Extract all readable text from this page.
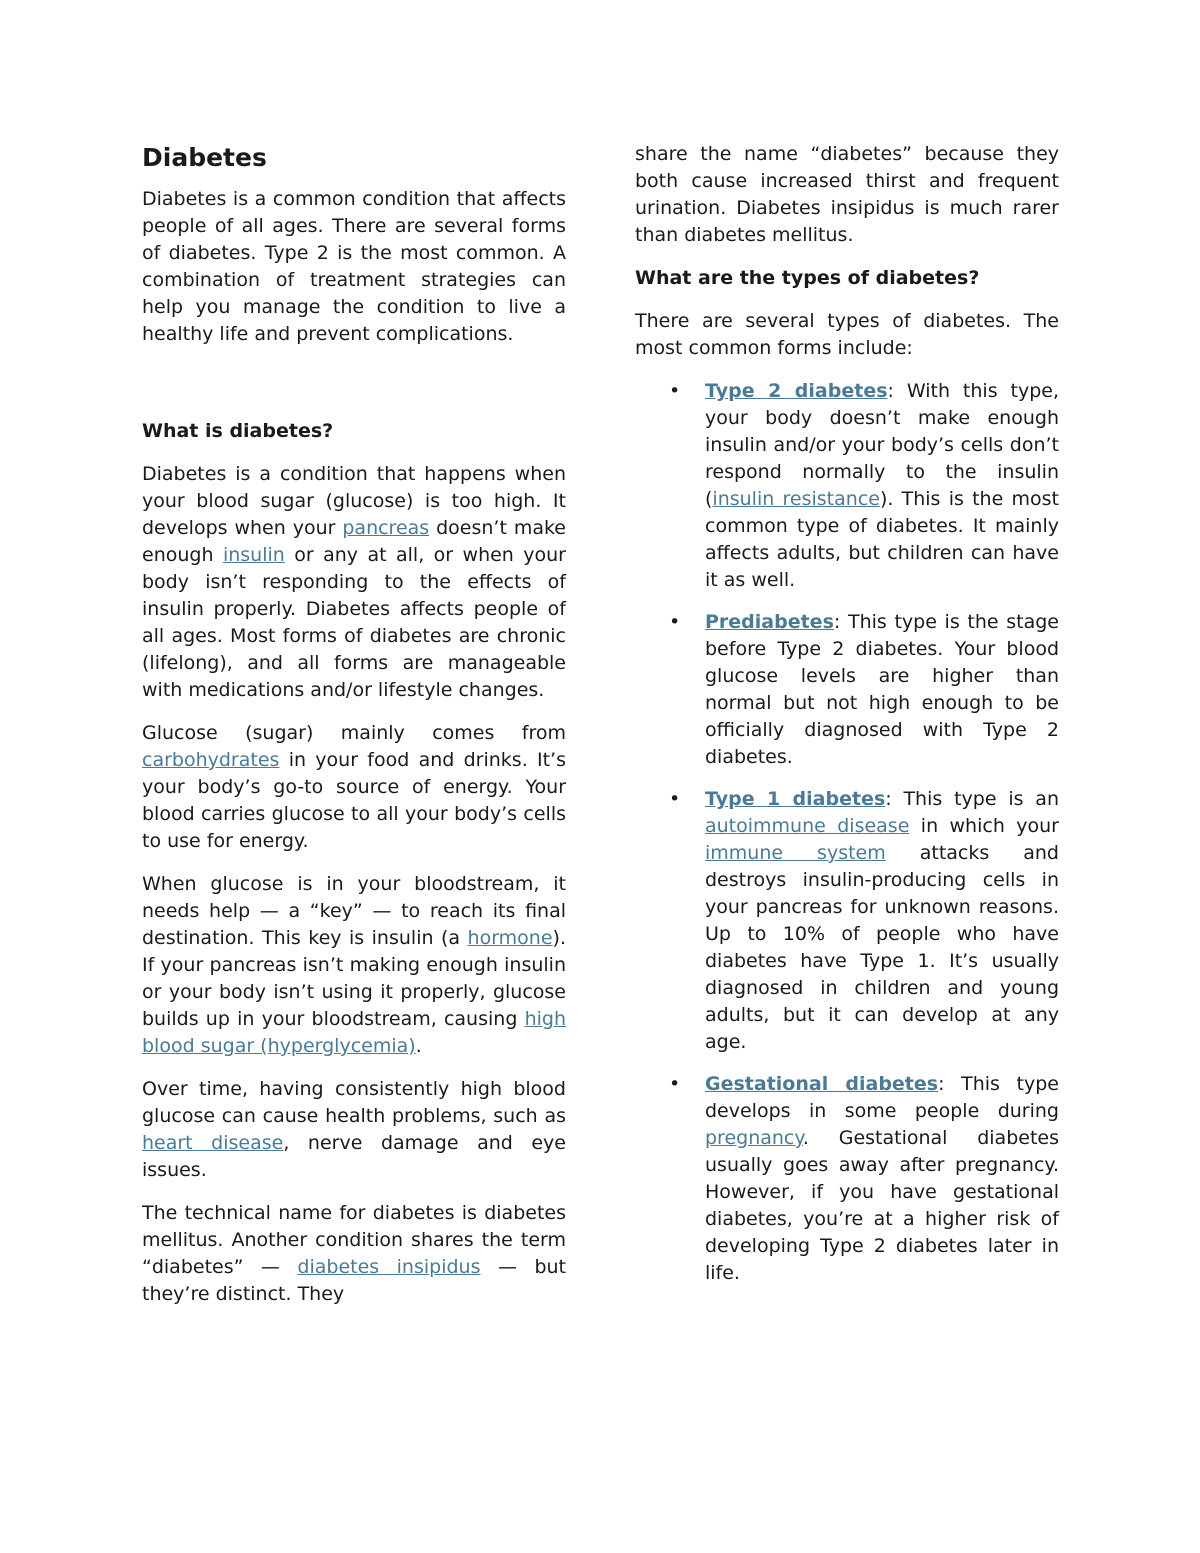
Diabetes

Diabetes is a common condition that affects people of all ages. There are several forms of diabetes. Type 2 is the most common. A combination of treatment strategies can help you manage the condition to live a healthy life and prevent complications.

What is diabetes?

Diabetes is a condition that happens when your blood sugar (glucose) is too high. It develops when your pancreas doesn’t make enough insulin or any at all, or when your body isn’t responding to the effects of insulin properly. Diabetes affects people of all ages. Most forms of diabetes are chronic (lifelong), and all forms are manageable with medications and/or lifestyle changes.

Glucose (sugar) mainly comes from carbohydrates in your food and drinks. It’s your body’s go-to source of energy. Your blood carries glucose to all your body’s cells to use for energy.

When glucose is in your bloodstream, it needs help — a “key” — to reach its final destination. This key is insulin (a hormone). If your pancreas isn’t making enough insulin or your body isn’t using it properly, glucose builds up in your bloodstream, causing high blood sugar (hyperglycemia).

Over time, having consistently high blood glucose can cause health problems, such as heart disease, nerve damage and eye issues.

The technical name for diabetes is diabetes mellitus. Another condition shares the term “diabetes” — diabetes insipidus — but they’re distinct. They

share the name “diabetes” because they both cause increased thirst and frequent urination. Diabetes insipidus is much rarer than diabetes mellitus.

What are the types of diabetes?

There are several types of diabetes. The most common forms include:

• Type 2 diabetes: With this type, your body doesn’t make enough insulin and/or your body’s cells don’t respond normally to the insulin (insulin resistance). This is the most common type of diabetes. It mainly affects adults, but children can have it as well.
• Prediabetes: This type is the stage before Type 2 diabetes. Your blood glucose levels are higher than normal but not high enough to be officially diagnosed with Type 2 diabetes.
• Type 1 diabetes: This type is an autoimmune disease in which your immune system attacks and destroys insulin-producing cells in your pancreas for unknown reasons. Up to 10% of people who have diabetes have Type 1. It’s usually diagnosed in children and young adults, but it can develop at any age.
• Gestational diabetes: This type develops in some people during pregnancy. Gestational diabetes usually goes away after pregnancy. However, if you have gestational diabetes, you’re at a higher risk of developing Type 2 diabetes later in life.
